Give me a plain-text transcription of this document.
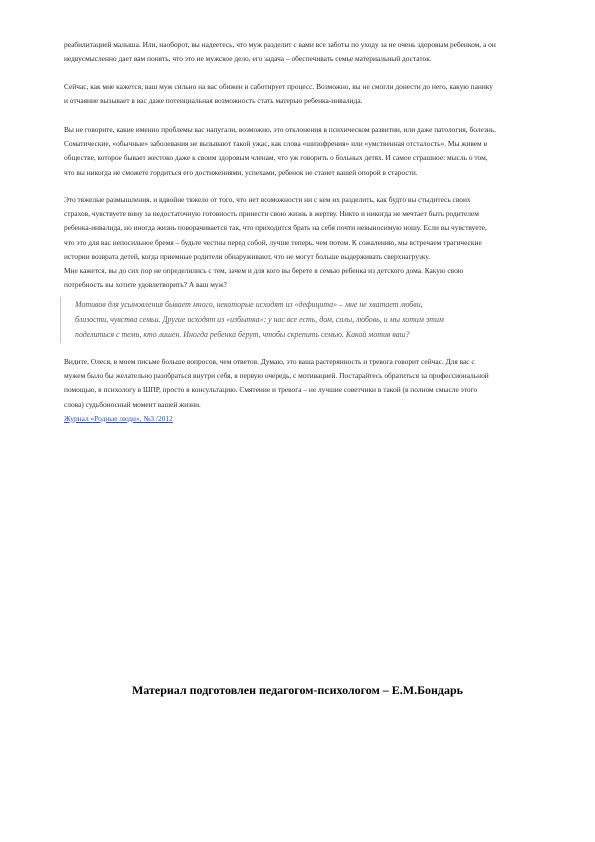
реабилитацией малыша. Или, наоборот, вы надеетесь, что муж разделит с вами все заботы по уходу за не очень здоровым ребенком, а он
недвусмысленно дает вам понять, что это не мужское дело, его задача – обеспечивать семье материальный достаток.
Сейчас, как мне кажется, ваш муж сильно на вас обижен и саботирует процесс. Возможно, вы не смогли донести до него, какую панику
и отчаяние вызывает в вас даже потенциальная возможность стать матерью ребенка-инвалида.
Вы не говорите, какие именно проблемы вас напугали, возможно, это отклонения в психическом развитии, или даже патология, болезнь.
Соматические, «обычные» заболевания не вызывают такой ужас, как слова «шизофрения» или «умственная отсталость». Мы живем в
обществе, которое бывает жестоко даже к своим здоровым членам, что уж говорить о больных детях. И самое страшное: мысль о том,
что вы никогда не сможете гордиться его достижениями, успехами, ребенок не станет вашей опорой в старости.
Это тяжелые размышления, и вдвойне тяжело от того, что нет возможности ни с кем их разделить, как будто вы стыдитесь своих
страхов, чувствуете вину за недостаточную готовность принести свою жизнь в жертву. Никто и никогда не мечтает быть родителем
ребенка-инвалида, но иногда жизнь поворачивается так, что приходится брать на себя почти невыносимую ношу. Если вы чувствуете,
что это для вас непосильное бремя – будьте честны перед собой, лучше теперь, чем потом. К сожалению, мы встречаем трагические
истории возврата детей, когда приемные родители обнаруживают, что не могут больше выдерживать сверхнагрузку.
Мне кажется, вы до сих пор не определились с тем, зачем и для кого вы берете в семью ребенка из детского дома. Какую свою
потребность вы хотите удовлетворить? А ваш муж?
Мотивов для усыновления бывает много, некоторые исходят из «дефицита» – мне не хватает любви,
близости, чувства семьи. Другие исходят из «избытка»: у нас все есть, дом, силы, любовь, и мы хотим этим
поделиться с теми, кто лишен. Иногда ребенка берут, чтобы скрепить семью. Какой мотив ваш?
Видите, Олеся, в моем письме больше вопросов, чем ответов. Думаю, это ваша растерянность и тревога говорит сейчас. Для вас с
мужем было бы желательно разобраться внутри себя, в первую очередь, с мотивацией. Постарайтесь обратиться за профессиональной
помощью, в психологу в ШПР, просто в консультацию. Смятение и тревога – не лучшие советчики в такой (в полном смысле этого
слова) судьбоносный момент вашей жизни.
Журнал «Родные люди», №3 /2012
Материал подготовлен педагогом-психологом – Е.М.Бондарь
